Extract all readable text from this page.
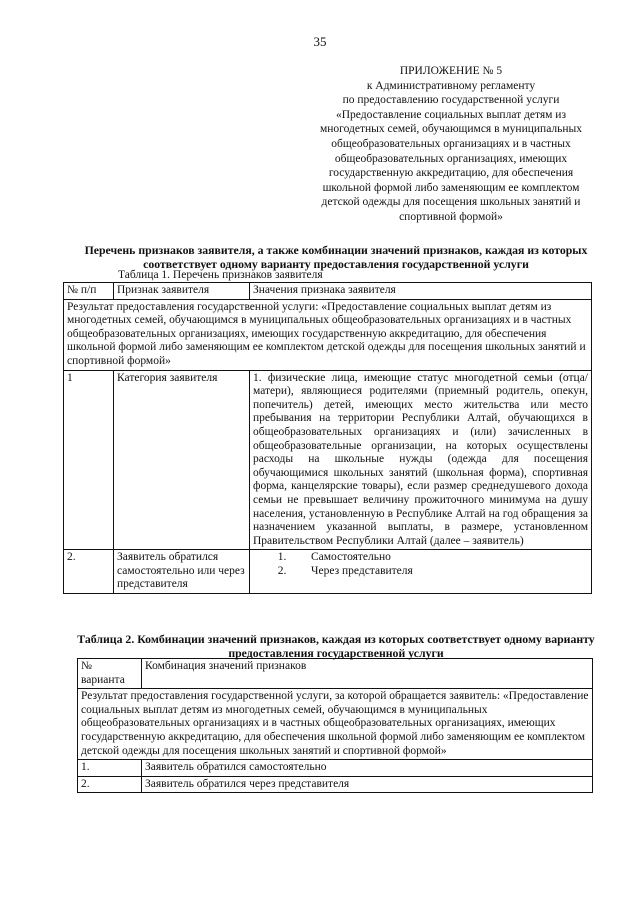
35
ПРИЛОЖЕНИЕ № 5
к Административному регламенту
по предоставлению государственной услуги
«Предоставление социальных выплат детям из
многодетных семей, обучающимся в муниципальных
общеобразовательных организациях и в частных
общеобразовательных организациях, имеющих
государственную аккредитацию, для обеспечения
школьной формой либо заменяющим ее комплектом
детской одежды для посещения школьных занятий и
спортивной формой»
Перечень признаков заявителя, а также комбинации значений признаков, каждая из которых соответствует одному варианту предоставления государственной услуги
Таблица 1. Перечень признаков заявителя
№ п/п	Признак заявителя	Значения признака заявителя
Результат предоставления государственной услуги: «Предоставление социальных выплат детям из многодетных семей, обучающимся в муниципальных общеобразовательных организациях и в частных общеобразовательных организациях, имеющих государственную аккредитацию, для обеспечения школьной формой либо заменяющим ее комплектом детской одежды для посещения школьных занятий и спортивной формой»		
1	Категория заявителя	1. физические лица, имеющие статус многодетной семьи (отца/матери), являющиеся родителями (приемный родитель, опекун, попечитель) детей, имеющих место жительства или место пребывания на территории Республики Алтай, обучающихся в общеобразовательных организациях и (или) зачисленных в общеобразовательные организации, на которых осуществлены расходы на школьные нужды (одежда для посещения обучающимися школьных занятий (школьная форма), спортивная форма, канцелярские товары), если размер среднедушевого дохода семьи не превышает величину прожиточного минимума на душу населения, установленную в Республике Алтай на год обращения за назначением указанной выплаты, в размере, установленном Правительством Республики Алтай (далее – заявитель)
2.	Заявитель обратился самостоятельно или через представителя	1. Самостоятельно
2. Через представителя
Таблица 2. Комбинации значений признаков, каждая из которых соответствует одному варианту предоставления государственной услуги
№ варианта	Комбинация значений признаков
Результат предоставления государственной услуги, за которой обращается заявитель: «Предоставление социальных выплат детям из многодетных семей, обучающимся в муниципальных общеобразовательных организациях и в частных общеобразовательных организациях, имеющих государственную аккредитацию, для обеспечения школьной формой либо заменяющим ее комплектом детской одежды для посещения школьных занятий и спортивной формой»	
1.	Заявитель обратился самостоятельно
2.	Заявитель обратился через представителя
